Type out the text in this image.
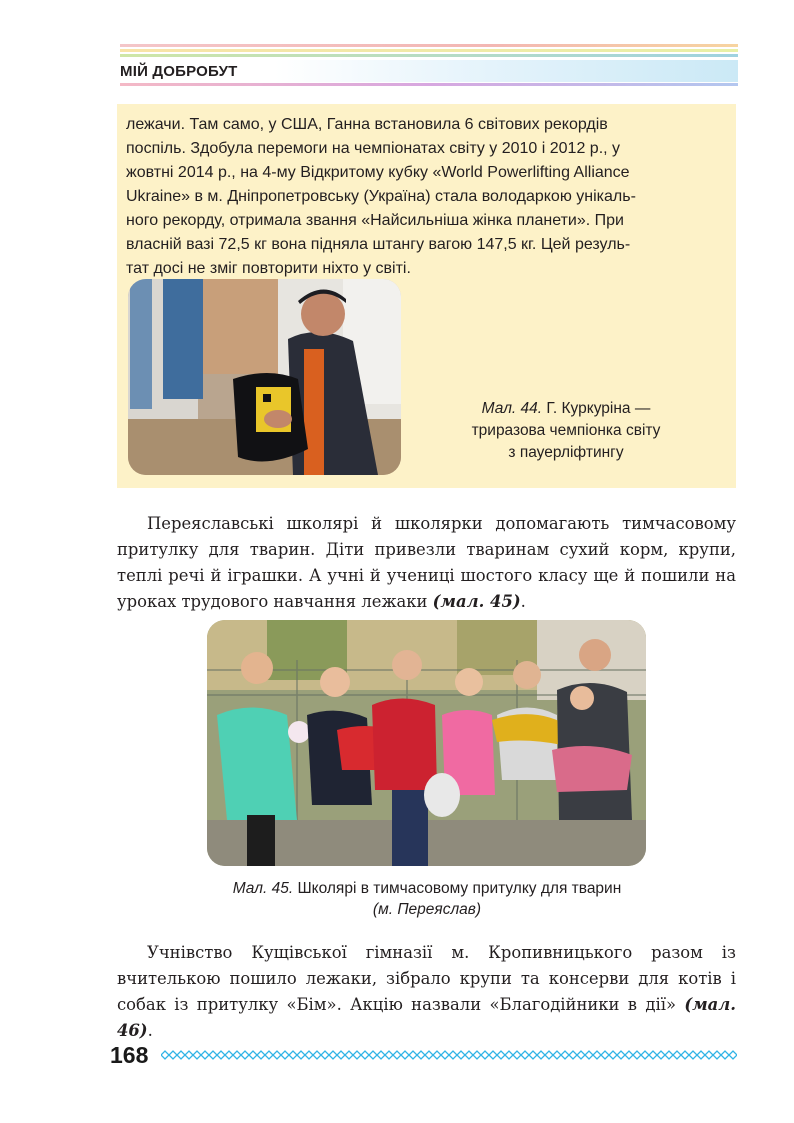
МІЙ ДОБРОБУТ

лежачи. Там само, у США, Ганна встановила 6 світових рекордів

поспіль. Здобула перемоги на чемпіонатах світу у 2010 і 2012 р., у

жовтні 2014 р., на 4-му Відкритому кубку «World Powerlifting Alliance

Ukraine» в м. Дніпропетровську (Україна) стала володаркою унікаль-

ного рекорду, отримала звання «Найсильніша жінка планети». При

власній вазі 72,5 кг вона підняла штангу вагою 147,5 кг. Цей резуль-

тат досі не зміг повторити ніхто у світі.

Мал. 44. Г. Куркуріна —
триразова чемпіонка світу
з пауерліфтингу

Переяславські школярі й школярки допомагають тимчасовому притулку для тварин. Діти привезли тваринам сухий корм, крупи, теплі речі й іграшки. А учні й учениці шостого класу ще й пошили на уроках трудового навчання лежаки (мал. 45).

Мал. 45. Школярі в тимчасовому притулку для тварин
(м. Переяслав)

Учнівство Кущівської гімназії м. Кропивницького разом із вчителькою пошило лежаки, зібрало крупи та консерви для котів і собак із притулку «Бім». Акцію назвали «Благодійники в дії» (мал. 46).

168
